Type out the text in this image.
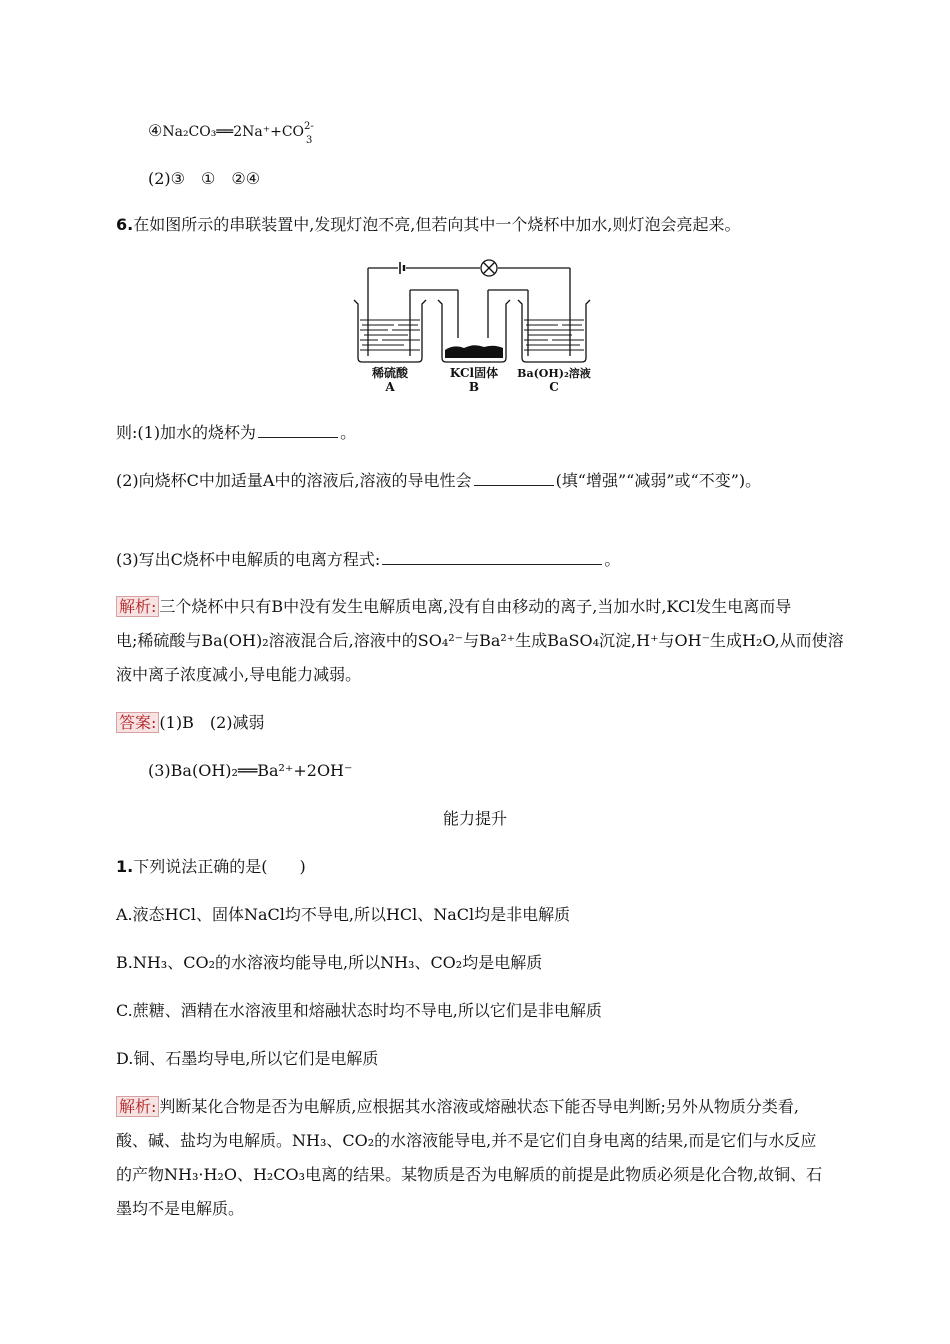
④Na₂CO₃══2Na⁺+CO 2-
3
(2)③　①　②④
6.在如图所示的串联装置中,发现灯泡不亮,但若向其中一个烧杯中加水,则灯泡会亮起来。
稀硫酸
A
KCl固体
B
Ba(OH)₂溶液
C
则:(1)加水的烧杯为	。
(2)向烧杯C中加适量A中的溶液后,溶液的导电性会	(填“增强”“减弱”或“不变”)。
(3)写出C烧杯中电解质的电离方程式:	。
解析: 三个烧杯中只有B中没有发生电解质电离,没有自由移动的离子,当加水时,KCl发生电离而导
电;稀硫酸与Ba(OH)₂溶液混合后,溶液中的SO₄²⁻与Ba²⁺生成BaSO₄沉淀,H⁺与OH⁻生成H₂O,从而使溶
液中离子浓度减小,导电能力减弱。
答案: (1)B　(2)减弱
(3)Ba(OH)₂══Ba²⁺+2OH⁻
能力提升
1.下列说法正确的是(　　)
A.液态HCl、固体NaCl均不导电,所以HCl、NaCl均是非电解质
B.NH₃、CO₂的水溶液均能导电,所以NH₃、CO₂均是电解质
C.蔗糖、酒精在水溶液里和熔融状态时均不导电,所以它们是非电解质
D.铜、石墨均导电,所以它们是电解质
解析: 判断某化合物是否为电解质,应根据其水溶液或熔融状态下能否导电判断;另外从物质分类看,
酸、碱、盐均为电解质。NH₃、CO₂的水溶液能导电,并不是它们自身电离的结果,而是它们与水反应
的产物NH₃·H₂O、H₂CO₃电离的结果。某物质是否为电解质的前提是此物质必须是化合物,故铜、石
墨均不是电解质。
